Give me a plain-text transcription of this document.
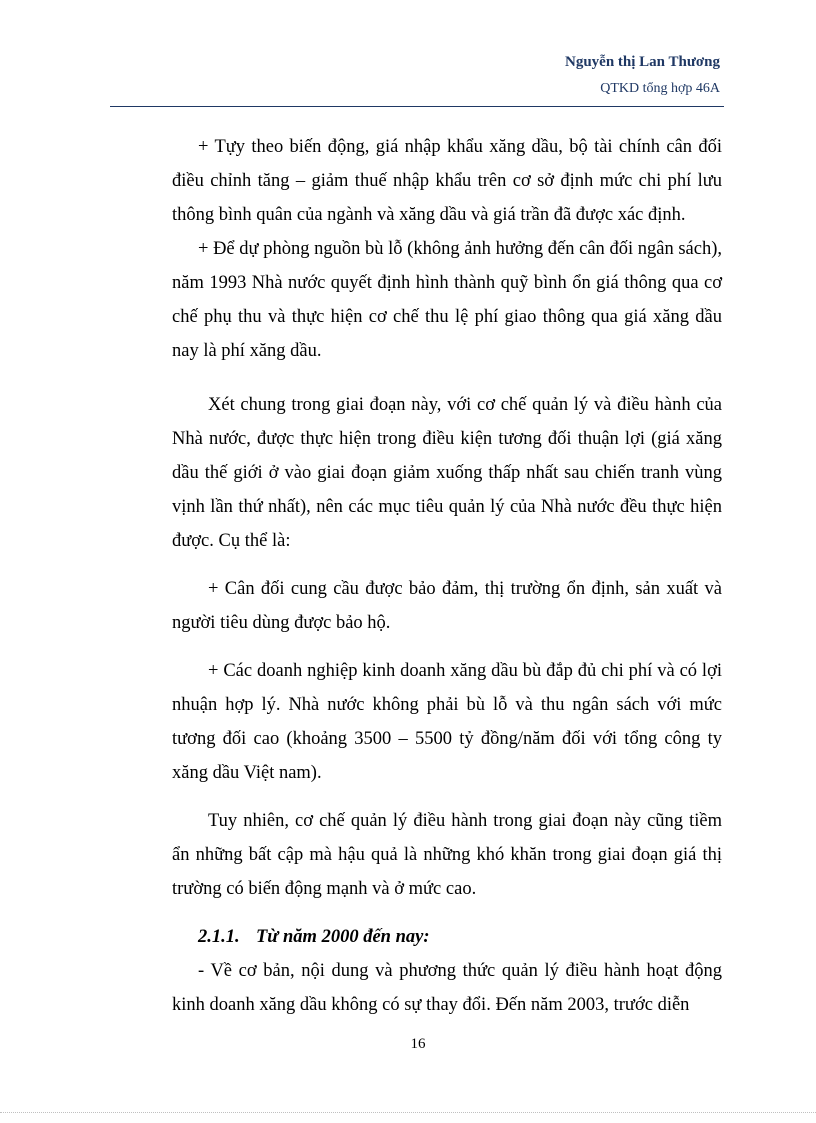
Nguyễn thị Lan Thương
QTKD tổng hợp 46A

+ Tựy theo biến động, giá nhập khẩu xăng dầu, bộ tài chính cân đối điều chỉnh tăng – giảm thuế nhập khẩu trên cơ sở định mức chi phí lưu thông bình quân của ngành và xăng dầu và giá trần đã được xác định.

+ Để dự phòng nguồn bù lỗ (không ảnh hưởng đến cân đối ngân sách), năm 1993 Nhà nước quyết định hình thành quỹ bình ổn giá thông qua cơ chế phụ thu và thực hiện cơ chế thu lệ phí giao thông qua giá xăng dầu nay là phí xăng dầu.

Xét chung trong giai đoạn này, với cơ chế quản lý và điều hành của Nhà nước, được thực hiện trong điều kiện tương đối thuận lợi (giá xăng dầu thế giới ở vào giai đoạn giảm xuống thấp nhất sau chiến tranh vùng vịnh lần thứ nhất), nên các mục tiêu quản lý của Nhà nước đều thực hiện được. Cụ thể là:

+ Cân đối cung cầu được bảo đảm, thị trường ổn định, sản xuất và người tiêu dùng được bảo hộ.

+ Các doanh nghiệp kinh doanh xăng dầu bù đắp đủ chi phí và có lợi nhuận hợp lý. Nhà nước không phải bù lỗ và thu ngân sách với mức tương đối cao (khoảng 3500 – 5500 tỷ đồng/năm đối với tổng công ty xăng dầu Việt nam).

Tuy nhiên, cơ chế quản lý điều hành trong giai đoạn này cũng tiềm ẩn những bất cập mà hậu quả là những khó khăn trong giai đoạn giá thị trường có biến động mạnh và ở mức cao.

2.1.1. Từ năm 2000 đến nay:

- Về cơ bản, nội dung và phương thức quản lý điều hành hoạt động kinh doanh xăng dầu không có sự thay đổi. Đến năm 2003, trước diễn

16
